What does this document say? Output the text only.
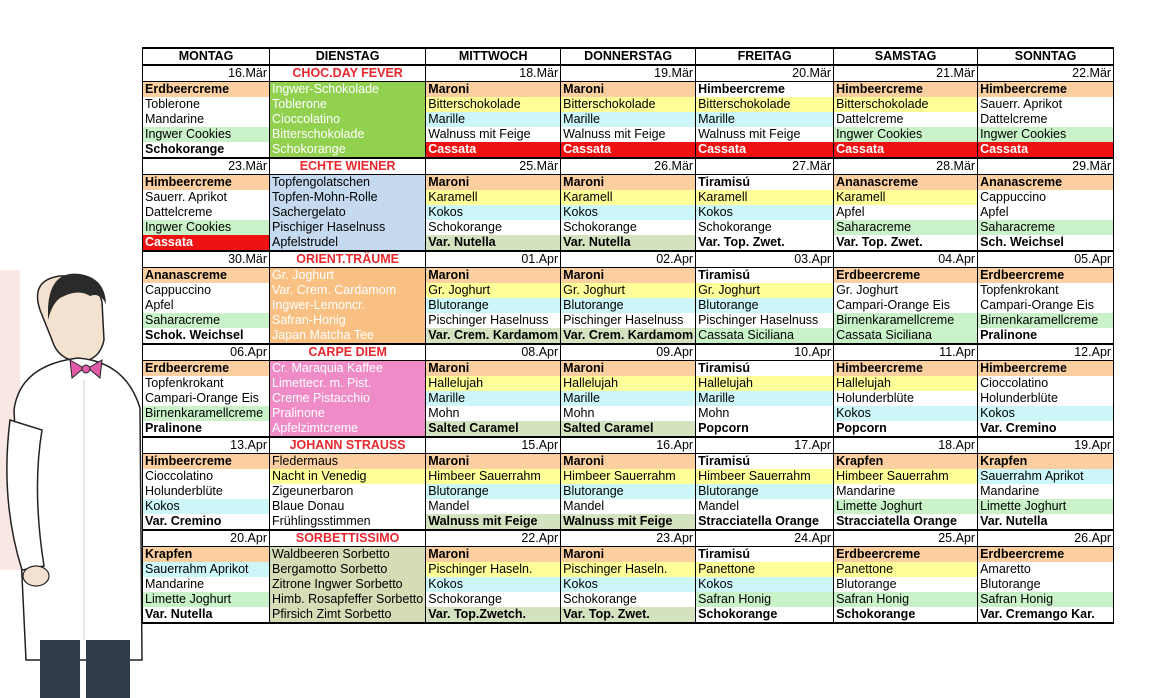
MONTAG	DIENSTAG	MITTWOCH	DONNERSTAG	FREITAG	SAMSTAG	SONNTAG
16.Mär	CHOC.DAY FEVER	18.Mär	19.Mär	20.Mär	21.Mär	22.Mär
Erdbeercreme	Ingwer-Schokolade	Maroni	Maroni	Himbeercreme	Himbeercreme	Himbeercreme
Toblerone	Toblerone	Bitterschokolade	Bitterschokolade	Bitterschokolade	Bitterschokolade	Sauerr. Aprikot
Mandarine	Cioccolatino	Marille	Marille	Marille	Dattelcreme	Dattelcreme
Ingwer Cookies	Bitterschokolade	Walnuss mit Feige	Walnuss mit Feige	Walnuss mit Feige	Ingwer Cookies	Ingwer Cookies
Schokorange	Schokorange	Cassata	Cassata	Cassata	Cassata	Cassata
23.Mär	ECHTE WIENER	25.Mär	26.Mär	27.Mär	28.Mär	29.Mär
Himbeercreme	Topfengolatschen	Maroni	Maroni	Tiramisú	Ananascreme	Ananascreme
Sauerr. Aprikot	Topfen-Mohn-Rolle	Karamell	Karamell	Karamell	Karamell	Cappuccino
Dattelcreme	Sachergelato	Kokos	Kokos	Kokos	Apfel	Apfel
Ingwer Cookies	Pischiger Haselnuss	Schokorange	Schokorange	Schokorange	Saharacreme	Saharacreme
Cassata	Apfelstrudel	Var. Nutella	Var. Nutella	Var. Top. Zwet.	Var. Top. Zwet.	Sch. Weichsel
30.Mär	ORIENT.TRÄUME	01.Apr	02.Apr	03.Apr	04.Apr	05.Apr
Ananascreme	Gr. Joghurt	Maroni	Maroni	Tiramisú	Erdbeercreme	Erdbeercreme
Cappuccino	Var. Crem. Cardamom	Gr. Joghurt	Gr. Joghurt	Gr. Joghurt	Gr. Joghurt	Topfenkrokant
Apfel	Ingwer-Lemoncr.	Blutorange	Blutorange	Blutorange	Campari-Orange Eis	Campari-Orange Eis
Saharacreme	Safran-Honig	Pischinger Haselnuss	Pischinger Haselnuss	Pischinger Haselnuss	Birnenkaramellcreme	Birnenkaramellcreme
Schok. Weichsel	Japan Matcha Tee	Var. Crem. Kardamom	Var. Crem. Kardamom	Cassata Siciliana	Cassata Siciliana	Pralinone
06.Apr	CARPE DIEM	08.Apr	09.Apr	10.Apr	11.Apr	12.Apr
Erdbeercreme	Cr. Maraquia Kaffee	Maroni	Maroni	Tiramisú	Himbeercreme	Himbeercreme
Topfenkrokant	Limettecr. m. Pist.	Hallelujah	Hallelujah	Hallelujah	Hallelujah	Cioccolatino
Campari-Orange Eis	Creme Pistacchio	Marille	Marille	Marille	Holunderblüte	Holunderblüte
Birnenkaramellcreme	Pralinone	Mohn	Mohn	Mohn	Kokos	Kokos
Pralinone	Apfelzimtcreme	Salted Caramel	Salted Caramel	Popcorn	Popcorn	Var. Cremino
13.Apr	JOHANN STRAUSS	15.Apr	16.Apr	17.Apr	18.Apr	19.Apr
Himbeercreme	Fledermaus	Maroni	Maroni	Tiramisú	Krapfen	Krapfen
Cioccolatino	Nacht in Venedig	Himbeer Sauerrahm	Himbeer Sauerrahm	Himbeer Sauerrahm	Himbeer Sauerrahm	Sauerrahm Aprikot
Holunderblüte	Zigeunerbaron	Blutorange	Blutorange	Blutorange	Mandarine	Mandarine
Kokos	Blaue Donau	Mandel	Mandel	Mandel	Limette Joghurt	Limette Joghurt
Var. Cremino	Frühlingsstimmen	Walnuss mit Feige	Walnuss mit Feige	Stracciatella Orange	Stracciatella Orange	Var. Nutella
20.Apr	SORBETTISSIMO	22.Apr	23.Apr	24.Apr	25.Apr	26.Apr
Krapfen	Waldbeeren Sorbetto	Maroni	Maroni	Tiramisú	Erdbeercreme	Erdbeercreme
Sauerrahm Aprikot	Bergamotto Sorbetto	Pischinger Haseln.	Pischinger Haseln.	Panettone	Panettone	Amaretto
Mandarine	Zitrone Ingwer Sorbetto	Kokos	Kokos	Kokos	Blutorange	Blutorange
Limette Joghurt	Himb. Rosapfeffer Sorbetto	Schokorange	Schokorange	Safran Honig	Safran Honig	Safran Honig
Var. Nutella	Pfirsich Zimt Sorbetto	Var. Top.Zwetch.	Var. Top. Zwet.	Schokorange	Schokorange	Var. Cremango Kar.
